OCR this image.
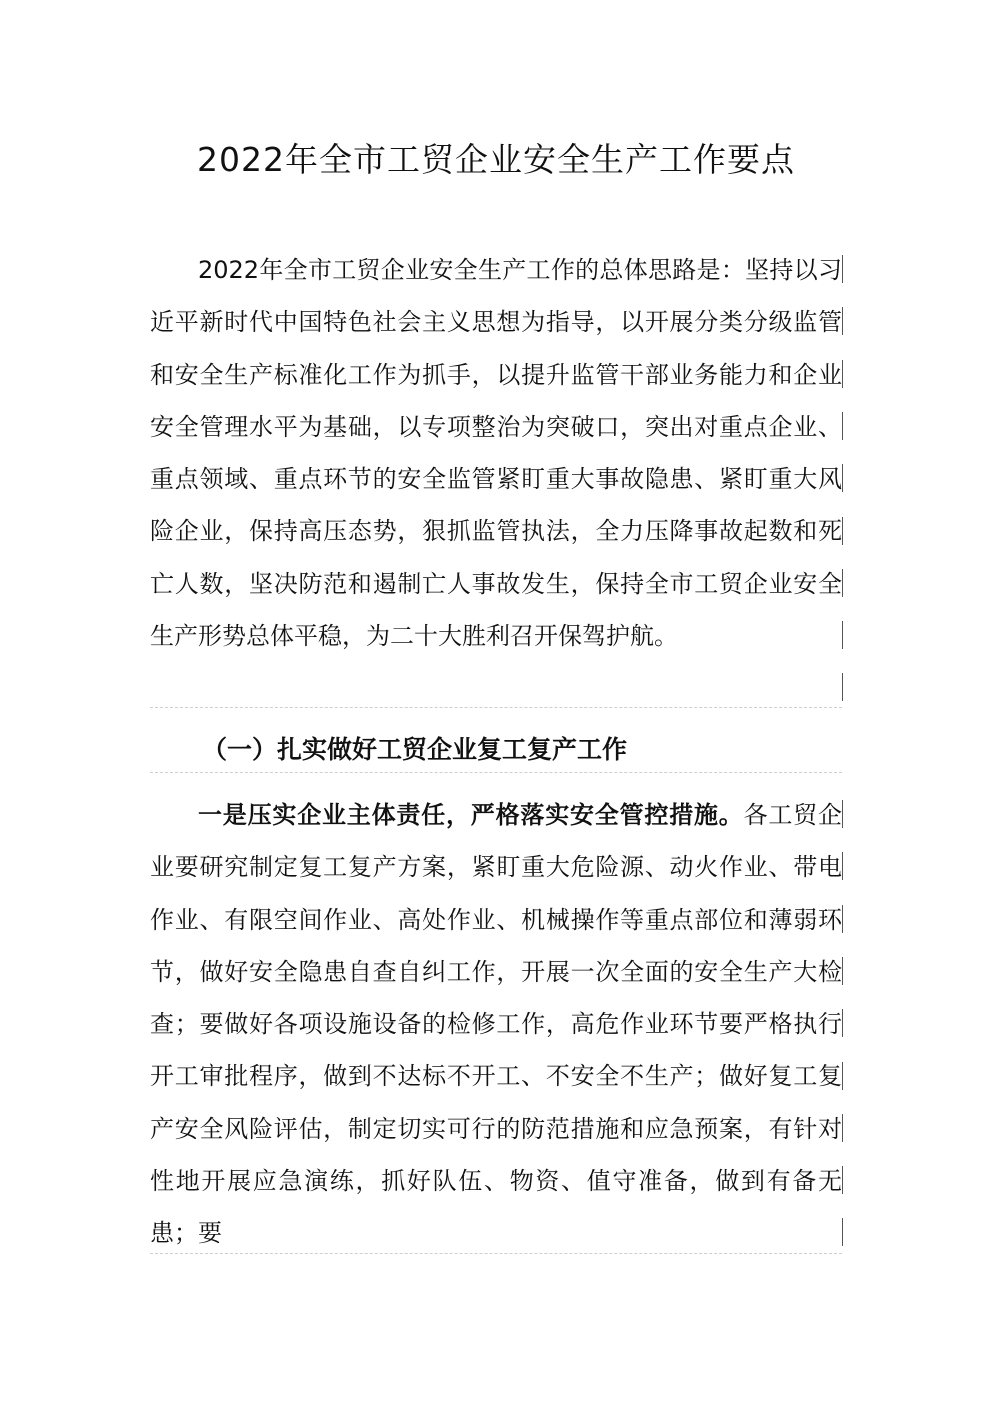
2022年全市工贸企业安全生产工作要点

2022年全市工贸企业安全生产工作的总体思路是：坚持以习近平新时代中国特色社会主义思想为指导，以开展分类分级监管和安全生产标准化工作为抓手，以提升监管干部业务能力和企业安全管理水平为基础，以专项整治为突破口，突出对重点企业、重点领域、重点环节的安全监管紧盯重大事故隐患、紧盯重大风险企业，保持高压态势，狠抓监管执法，全力压降事故起数和死亡人数，坚决防范和遏制亡人事故发生，保持全市工贸企业安全生产形势总体平稳，为二十大胜利召开保驾护航。

（一）扎实做好工贸企业复工复产工作

一是压实企业主体责任，严格落实安全管控措施。各工贸企业要研究制定复工复产方案，紧盯重大危险源、动火作业、带电作业、有限空间作业、高处作业、机械操作等重点部位和薄弱环节，做好安全隐患自查自纠工作，开展一次全面的安全生产大检查；要做好各项设施设备的检修工作，高危作业环节要严格执行开工审批程序，做到不达标不开工、不安全不生产；做好复工复产安全风险评估，制定切实可行的防范措施和应急预案，有针对性地开展应急演练，抓好队伍、物资、值守准备，做到有备无患；要
